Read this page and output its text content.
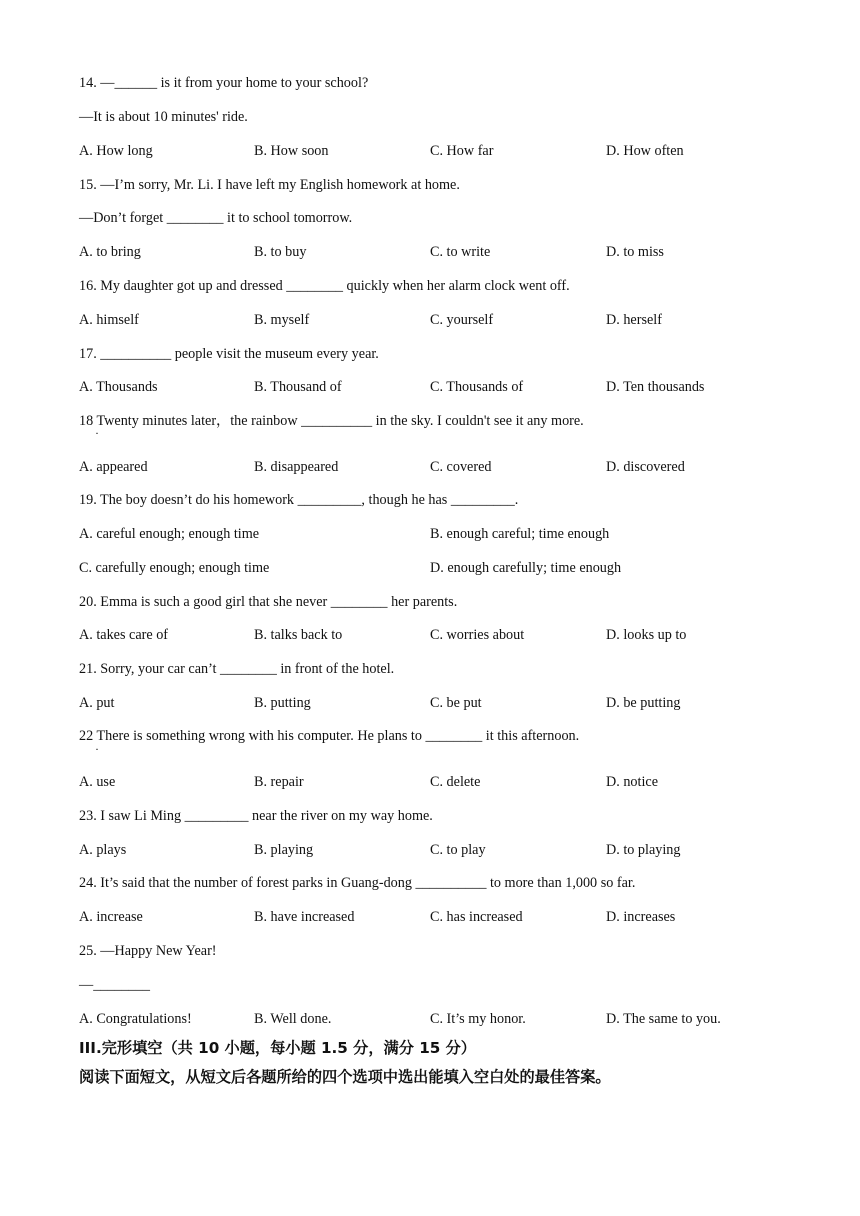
14. —______ is it from your home to your school?
—It is about 10 minutes' ride.
A. How long	B. How soon	C. How far	D. How often
15. —I’m sorry, Mr. Li. I have left my English homework at home.
—Don’t forget ________ it to school tomorrow.
A. to bring	B. to buy	C. to write	D. to miss
16. My daughter got up and dressed ________ quickly when her alarm clock went off.
A. himself	B. myself	C. yourself	D. herself
17. __________ people visit the museum every year.
A. Thousands	B. Thousand of	C. Thousands of	D. Ten thousands
18 Twenty minutes later，the rainbow __________ in the sky. I couldn't see it any more.
·
A. appeared	B. disappeared	C. covered	D. discovered
19. The boy doesn’t do his homework _________, though he has _________.
A. careful enough; enough time	B. enough careful; time enough
C. carefully enough; enough time	D. enough carefully; time enough
20. Emma is such a good girl that she never ________ her parents.
A. takes care of	B. talks back to	C. worries about	D. looks up to
21. Sorry, your car can’t ________ in front of the hotel.
A. put	B. putting	C. be put	D. be putting
22 There is something wrong with his computer. He plans to ________ it this afternoon.
·
A. use	B. repair	C. delete	D. notice
23. I saw Li Ming _________ near the river on my way home.
A. plays	B. playing	C. to play	D. to playing
24. It’s said that the number of forest parks in Guang-dong __________ to more than 1,000 so far.
A. increase	B. have increased	C. has increased	D. increases
25. —Happy New Year!
—________
A. Congratulations!	B. Well done.	C. It’s my honor.	D. The same to you.
III.完形填空（共 10 小题，每小题 1.5 分，满分 15 分）
阅读下面短文，从短文后各题所给的四个选项中选出能填入空白处的最佳答案。
